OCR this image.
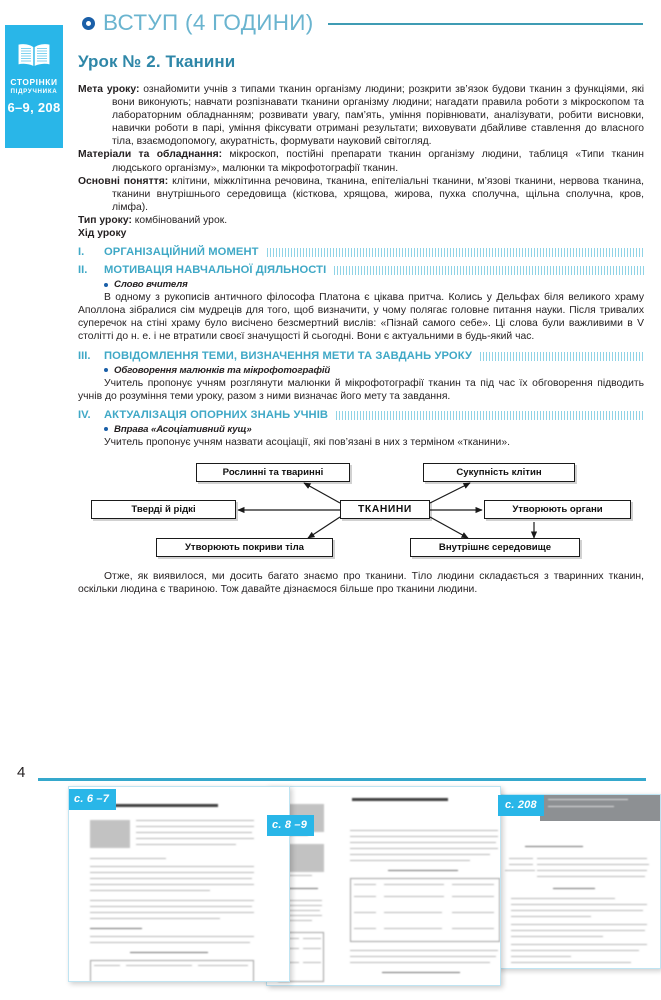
ВСТУП (4 ГОДИНИ)
СТОРІНКИ
ПІДРУЧНИКА
6–9, 208
Урок № 2. Тканини
Мета уроку: ознайомити учнів з типами тканин організму людини; розкрити зв’язок будови тканин з функціями, які вони виконують; навчати розпізнавати тканини організму людини; нагадати правила роботи з мікроскопом та лабораторним обладнанням; розвивати увагу, пам’ять, уміння порівнювати, аналізувати, робити висновки, навички роботи в парі, уміння фіксувати отримані результати; виховувати дбайливе ставлення до власного тіла, взаємодопомогу, акуратність, формувати науковий світогляд.
Матеріали та обладнання: мікроскоп, постійні препарати тканин організму людини, таблиця «Типи тканин людського організму», малюнки та мікрофотографії тканин.
Основні поняття: клітини, міжклітинна речовина, тканина, епітеліальні тканини, м’язові тканини, нервова тканина, тканини внутрішнього середовища (кісткова, хрящова, жирова, пухка сполучна, щільна сполучна, кров, лімфа).
Тип уроку: комбінований урок.
Хід уроку
I.	ОРГАНІЗАЦІЙНИЙ МОМЕНТ
II.	МОТИВАЦІЯ НАВЧАЛЬНОЇ ДІЯЛЬНОСТІ
Слово вчителя

В одному з рукописів античного філософа Платона є цікава притча. Колись у Дельфах біля великого храму Аполлона зібралися сім мудреців для того, щоб визначити, у чому полягає головне питання науки. Після тривалих суперечок на стіні храму було висічено безсмертний вислів: «Пізнай самого себе». Ці слова були важливими в V столітті до н. е. і не втратили своєї значущості й сьогодні. Вони є актуальними в будь-який час.

III.	ПОВІДОМЛЕННЯ ТЕМИ, ВИЗНАЧЕННЯ МЕТИ ТА ЗАВДАНЬ УРОКУ
Обговорення малюнків та мікрофотографій

Учитель пропонує учням розглянути малюнки й мікрофотографії тканин та під час їх обговорення підводить учнів до розуміння теми уроку, разом з ними визначає його мету та завдання.

IV.	АКТУАЛІЗАЦІЯ ОПОРНИХ ЗНАНЬ УЧНІВ
Вправа «Асоціативний кущ»

Учитель пропонує учням назвати асоціації, які пов’язані в них з терміном «тканини».

Рослинні та тваринні	Сукупність клітин
Тверді й рідкі	ТКАНИНИ	Утворюють органи
Утворюють покриви тіла	Внутрішнє середовище

Отже, як виявилося, ми досить багато знаємо про тканини. Тіло людини складається з тваринних тканин, оскільки людина є твариною. Тож давайте дізнаємося більше про тканини людини.

4
с. 208
с. 8 –9
с. 6 –7
